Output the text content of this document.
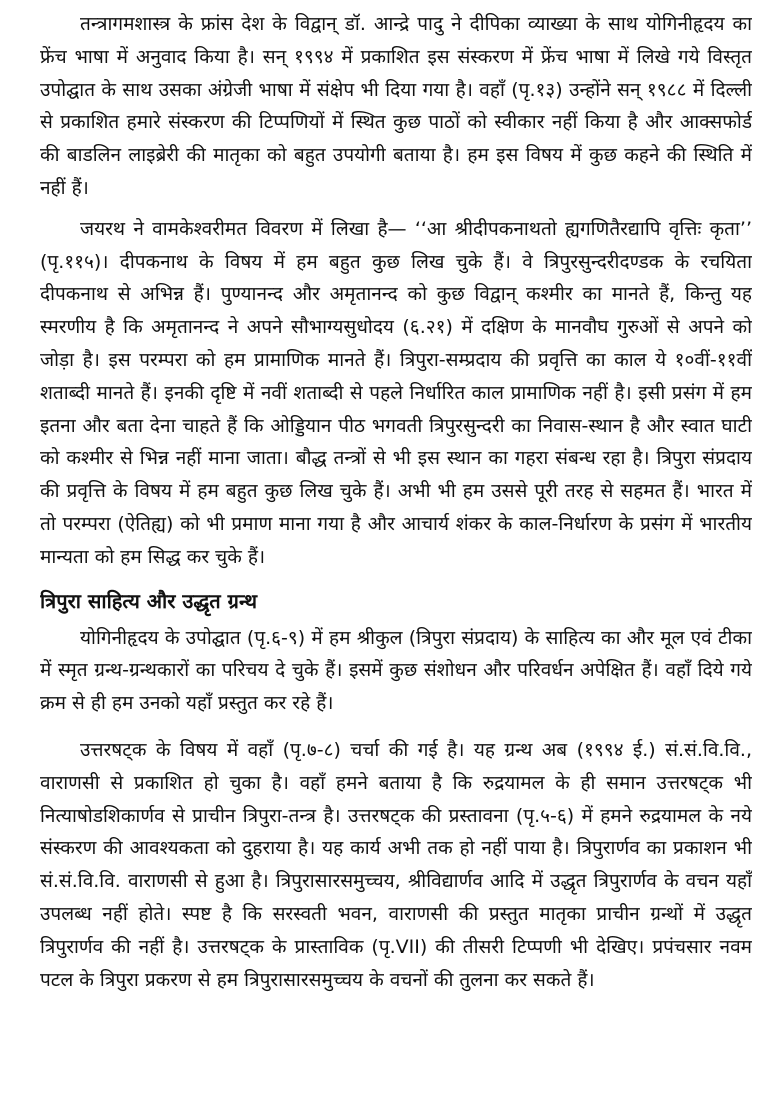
तन्त्रागमशास्त्र के फ्रांस देश के विद्वान् डॉ. आन्द्रे पादु ने दीपिका व्याख्या के साथ योगिनीहृदय का फ्रेंच भाषा में अनुवाद किया है। सन् १९९४ में प्रकाशित इस संस्करण में फ्रेंच भाषा में लिखे गये विस्तृत उपोद्घात के साथ उसका अंग्रेजी भाषा में संक्षेप भी दिया गया है। वहाँ (पृ.१३) उन्होंने सन् १९८८ में दिल्ली से प्रकाशित हमारे संस्करण की टिप्पणियों में स्थित कुछ पाठों को स्वीकार नहीं किया है और आक्सफोर्ड की बाडलिन लाइब्रेरी की मातृका को बहुत उपयोगी बताया है। हम इस विषय में कुछ कहने की स्थिति में नहीं हैं।

जयरथ ने वामकेश्वरीमत विवरण में लिखा है— ‘‘आ श्रीदीपकनाथतो ह्यगणितैरद्यापि वृत्तिः कृता’’ (पृ.११५)। दीपकनाथ के विषय में हम बहुत कुछ लिख चुके हैं। वे त्रिपुरसुन्दरीदण्डक के रचयिता दीपकनाथ से अभिन्न हैं। पुण्यानन्द और अमृतानन्द को कुछ विद्वान् कश्मीर का मानते हैं, किन्तु यह स्मरणीय है कि अमृतानन्द ने अपने सौभाग्यसुधोदय (६.२१) में दक्षिण के मानवौघ गुरुओं से अपने को जोड़ा है। इस परम्परा को हम प्रामाणिक मानते हैं। त्रिपुरा-सम्प्रदाय की प्रवृत्ति का काल ये १०वीं-११वीं शताब्दी मानते हैं। इनकी दृष्टि में नवीं शताब्दी से पहले निर्धारित काल प्रामाणिक नहीं है। इसी प्रसंग में हम इतना और बता देना चाहते हैं कि ओड्डियान पीठ भगवती त्रिपुरसुन्दरी का निवास-स्थान है और स्वात घाटी को कश्मीर से भिन्न नहीं माना जाता। बौद्ध तन्त्रों से भी इस स्थान का गहरा संबन्ध रहा है। त्रिपुरा संप्रदाय की प्रवृत्ति के विषय में हम बहुत कुछ लिख चुके हैं। अभी भी हम उससे पूरी तरह से सहमत हैं। भारत में तो परम्परा (ऐतिह्य) को भी प्रमाण माना गया है और आचार्य शंकर के काल-निर्धारण के प्रसंग में भारतीय मान्यता को हम सिद्ध कर चुके हैं।

त्रिपुरा साहित्य और उद्धृत ग्रन्थ

योगिनीहृदय के उपोद्घात (पृ.६-९) में हम श्रीकुल (त्रिपुरा संप्रदाय) के साहित्य का और मूल एवं टीका में स्मृत ग्रन्थ-ग्रन्थकारों का परिचय दे चुके हैं। इसमें कुछ संशोधन और परिवर्धन अपेक्षित हैं। वहाँ दिये गये क्रम से ही हम उनको यहाँ प्रस्तुत कर रहे हैं।

उत्तरषट्क के विषय में वहाँ (पृ.७-८) चर्चा की गई है। यह ग्रन्थ अब (१९९४ ई.) सं.सं.वि.वि., वाराणसी से प्रकाशित हो चुका है। वहाँ हमने बताया है कि रुद्रयामल के ही समान उत्तरषट्क भी नित्याषोडशिकार्णव से प्राचीन त्रिपुरा-तन्त्र है। उत्तरषट्क की प्रस्तावना (पृ.५-६) में हमने रुद्रयामल के नये संस्करण की आवश्यकता को दुहराया है। यह कार्य अभी तक हो नहीं पाया है। त्रिपुरार्णव का प्रकाशन भी सं.सं.वि.वि. वाराणसी से हुआ है। त्रिपुरासारसमुच्चय, श्रीविद्यार्णव आदि में उद्धृत त्रिपुरार्णव के वचन यहाँ उपलब्ध नहीं होते। स्पष्ट है कि सरस्वती भवन, वाराणसी की प्रस्तुत मातृका प्राचीन ग्रन्थों में उद्धृत त्रिपुरार्णव की नहीं है। उत्तरषट्क के प्रास्ताविक (पृ.VII) की तीसरी टिप्पणी भी देखिए। प्रपंचसार नवम पटल के त्रिपुरा प्रकरण से हम त्रिपुरासारसमुच्चय के वचनों की तुलना कर सकते हैं।
